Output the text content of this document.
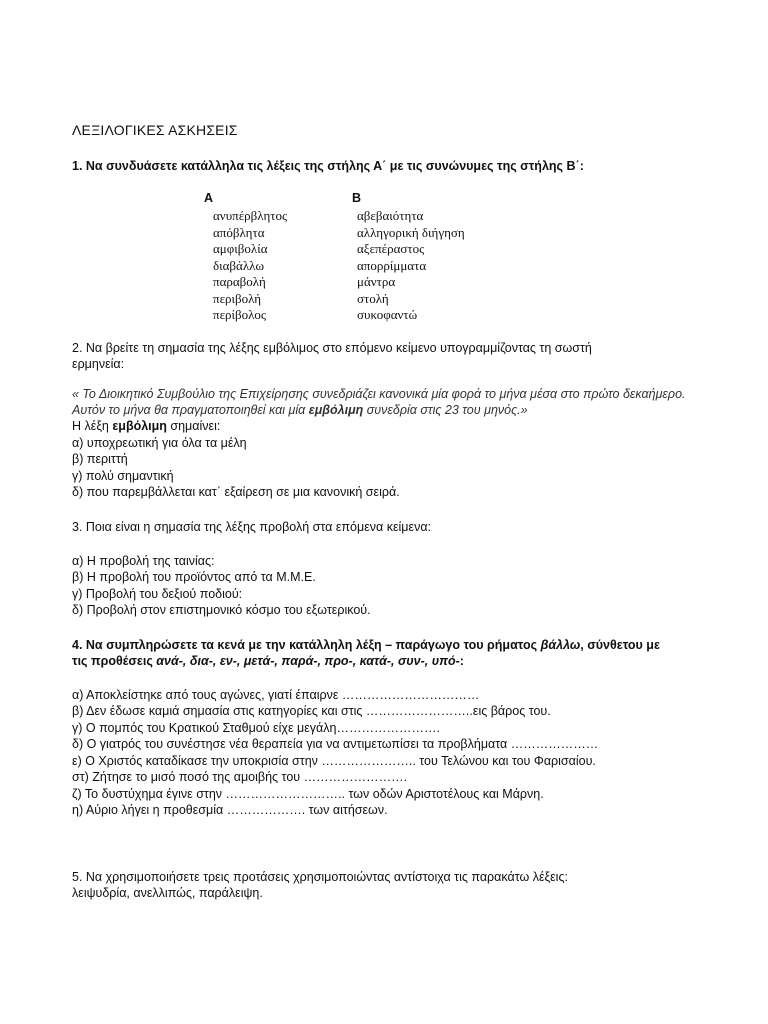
ΛΕΞΙΛΟΓΙΚΕΣ ΑΣΚΗΣΕΙΣ

1. Να συνδυάσετε κατάλληλα τις λέξεις της στήλης Α΄ με τις συνώνυμες της στήλης Β΄:

Α	Β
ανυπέρβλητος
απόβλητα
αμφιβολία
διαβάλλω
παραβολή
περιβολή
περίβολος
αβεβαιότητα
αλληγορική διήγηση
αξεπέραστος
απορρίμματα
μάντρα
στολή
συκοφαντώ

2. Να βρείτε τη σημασία της λέξης εμβόλιμος στο επόμενο κείμενο υπογραμμίζοντας τη σωστή
ερμηνεία:

« Το Διοικητικό Συμβούλιο της Επιχείρησης συνεδριάζει κανονικά μία φορά το μήνα μέσα στο πρώτο δεκαήμερο. Αυτόν το μήνα θα πραγματοποιηθεί και μία εμβόλιμη συνεδρία στις 23 του μηνός.»

Η λέξη εμβόλιμη σημαίνει:

α) υποχρεωτική για όλα τα μέλη

β) περιττή

γ) πολύ σημαντική

δ) που παρεμβάλλεται κατ΄ εξαίρεση σε μια κανονική σειρά.

3. Ποια είναι η σημασία της λέξης προβολή στα επόμενα κείμενα:

α) Η προβολή της ταινίας:

β) Η προβολή του προϊόντος από τα Μ.Μ.Ε.

γ) Προβολή του δεξιού ποδιού:

δ) Προβολή στον επιστημονικό κόσμο του εξωτερικού.

4. Να συμπληρώσετε τα κενά με την κατάλληλη λέξη – παράγωγο του ρήματος βάλλω, σύνθετου με
τις προθέσεις ανά-, δια-, εν-, μετά-, παρά-, προ-, κατά-, συν-, υπό-:

α) Αποκλείστηκε από τους αγώνες, γιατί έπαιρνε ……………………………

β) Δεν έδωσε καμιά σημασία στις κατηγορίες και στις ……………………..εις βάρος του.

γ) Ο πομπός του Κρατικού Σταθμού είχε μεγάλη…………………….

δ) Ο γιατρός του συνέστησε νέα θεραπεία για να αντιμετωπίσει τα προβλήματα …………………

ε) Ο Χριστός καταδίκασε την υποκρισία στην ………………….. του Τελώνου και του Φαρισαίου.

στ) Ζήτησε το μισό ποσό της αμοιβής του …………………….

ζ) Το δυστύχημα έγινε στην ……………………….. των οδών Αριστοτέλους και Μάρνη.

η) Αύριο λήγει η προθεσμία ………………. των αιτήσεων.

5. Να χρησιμοποιήσετε τρεις προτάσεις χρησιμοποιώντας αντίστοιχα τις παρακάτω λέξεις:
λειψυδρία, ανελλιπώς, παράλειψη.
